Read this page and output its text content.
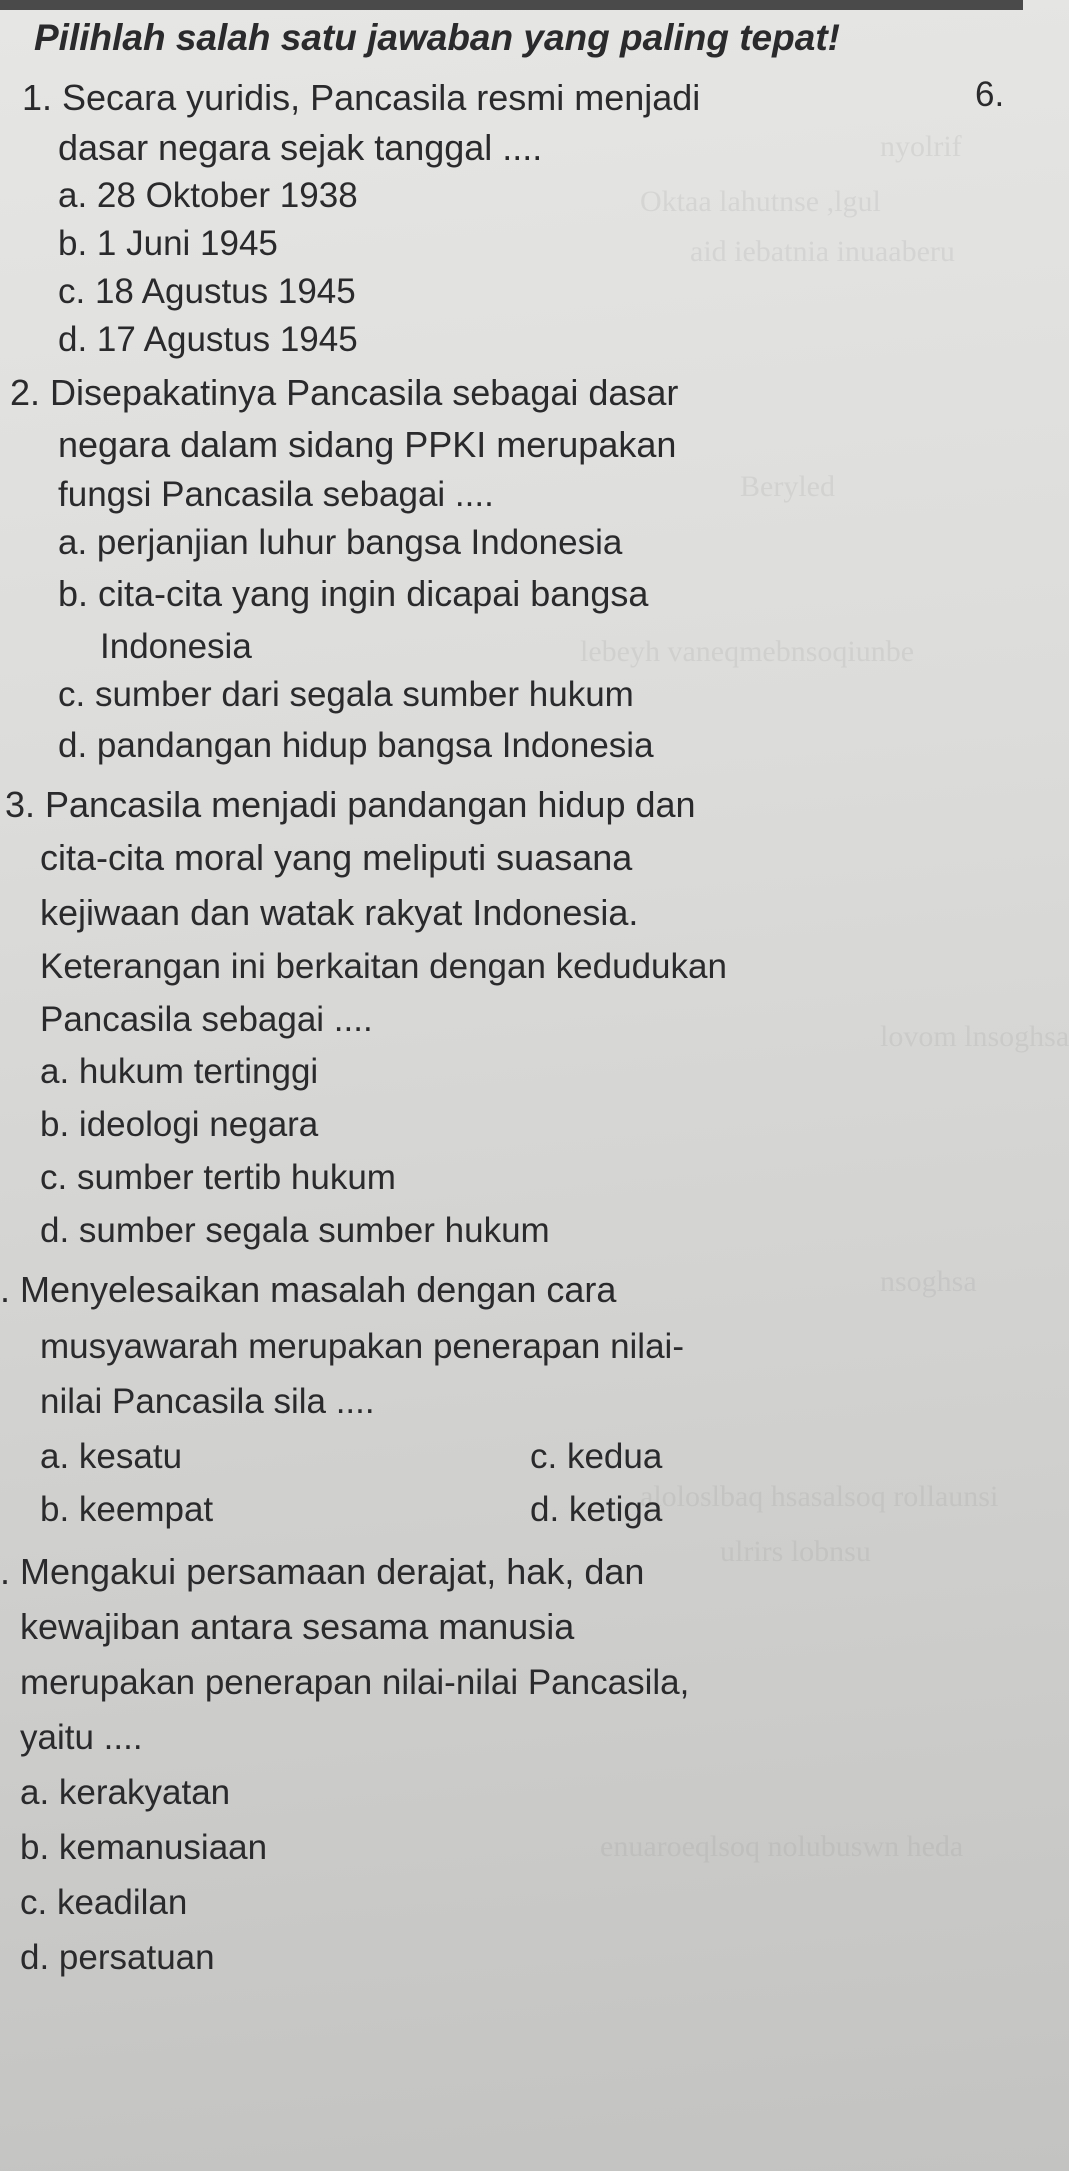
nyolrif
Oktaa lahutnse ,lgul
aid iebatnia inuaaberu
Beryled
lebeyh vaneqmebnsoqiunbe
lovom lnsoghsa
nsoghsa
aloloslbaq hsasalsoq rollaunsi
ulrirs lobnsu
enuaroeqlsoq nolubuswn heda
Pilihlah salah satu jawaban yang paling tepat!
6.
1. Secara yuridis, Pancasila resmi menjadi
dasar negara sejak tanggal ....
a. 28 Oktober 1938
b. 1 Juni 1945
c. 18 Agustus 1945
d. 17 Agustus 1945
2. Disepakatinya Pancasila sebagai dasar
negara dalam sidang PPKI merupakan
fungsi Pancasila sebagai ....
a. perjanjian luhur bangsa Indonesia
b. cita-cita yang ingin dicapai bangsa
Indonesia
c. sumber dari segala sumber hukum
d. pandangan hidup bangsa Indonesia
3. Pancasila menjadi pandangan hidup dan
cita-cita moral yang meliputi suasana
kejiwaan dan watak rakyat Indonesia.
Keterangan ini berkaitan dengan kedudukan
Pancasila sebagai ....
a. hukum tertinggi
b. ideologi negara
c. sumber tertib hukum
d. sumber segala sumber hukum
. Menyelesaikan masalah dengan cara
musyawarah merupakan penerapan nilai-
nilai Pancasila sila ....
a. kesatu	c. kedua
b. keempat	d. ketiga
. Mengakui persamaan derajat, hak, dan
kewajiban antara sesama manusia
merupakan penerapan nilai-nilai Pancasila,
yaitu ....
a. kerakyatan
b. kemanusiaan
c. keadilan
d. persatuan
